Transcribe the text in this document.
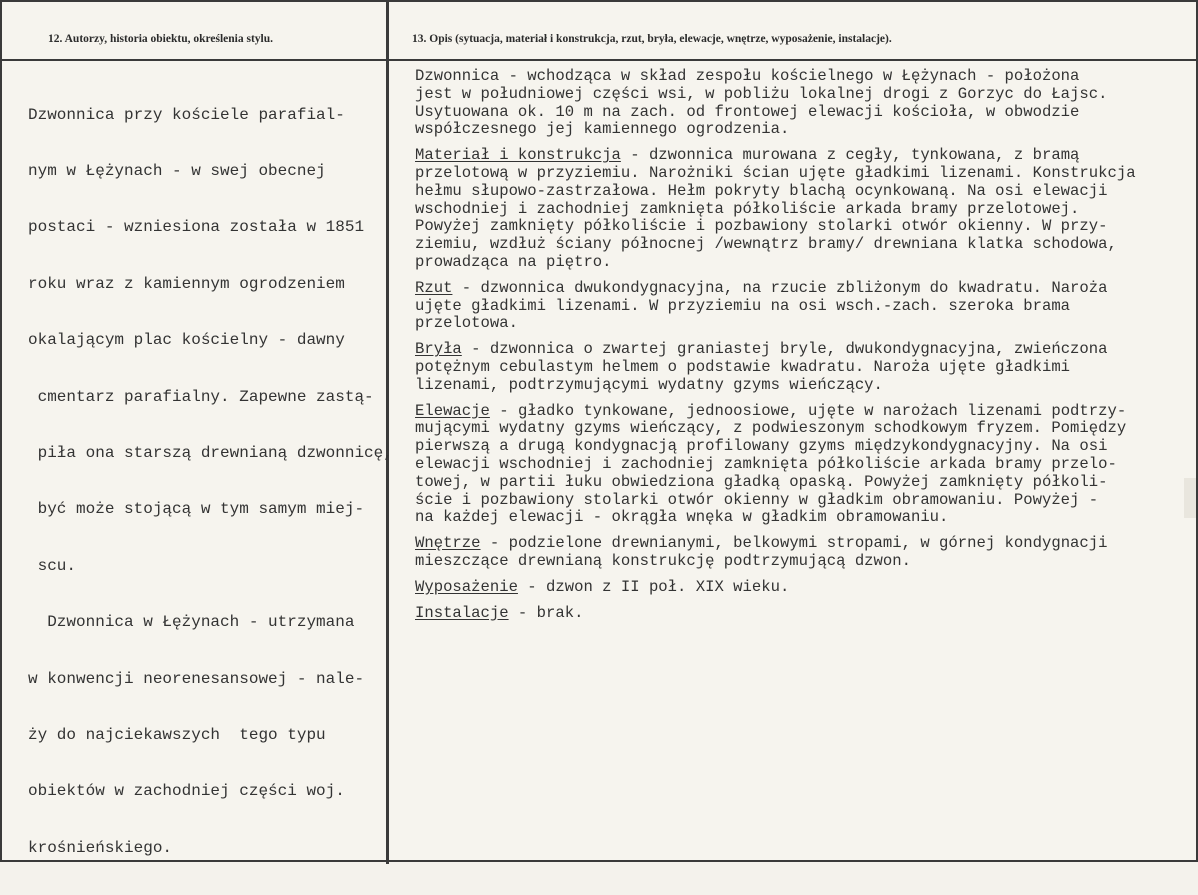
12. Autorzy, historia obiektu, określenia stylu.	13. Opis (sytuacja, materiał i konstrukcja, rzut, bryła, elewacje, wnętrze, wyposażenie, instalacje).

Dzwonnica przy kościele parafial-

nym w Łężynach - w swej obecnej

postaci - wzniesiona została w 1851

roku wraz z kamiennym ogrodzeniem

okalającym plac kościelny - dawny

cmentarz parafialny. Zapewne zastą-

piła ona starszą drewnianą dzwonnicę,

być może stojącą w tym samym miej-

scu.

Dzwonnica w Łężynach - utrzymana

w konwencji neorenesansowej - nale-

ży do najciekawszych  tego typu

obiektów w zachodniej części woj.

krośnieńskiego.

Dzwonnica - wchodząca w skład zespołu kościelnego w Łężynach - położona
jest w południowej części wsi, w pobliżu lokalnej drogi z Gorzyc do Łajsc.
Usytuowana ok. 10 m na zach. od frontowej elewacji kościoła, w obwodzie
współczesnego jej kamiennego ogrodzenia.
Materiał i konstrukcja - dzwonnica murowana z cegły, tynkowana, z bramą
przelotową w przyziemiu. Narożniki ścian ujęte gładkimi lizenami. Konstrukcja
hełmu słupowo-zastrzałowa. Hełm pokryty blachą ocynkowaną. Na osi elewacji
wschodniej i zachodniej zamknięta półkoliście arkada bramy przelotowej.
Powyżej zamknięty półkoliście i pozbawiony stolarki otwór okienny. W przy-
ziemiu, wzdłuż ściany północnej /wewnątrz bramy/ drewniana klatka schodowa,
prowadząca na piętro.
Rzut - dzwonnica dwukondygnacyjna, na rzucie zbliżonym do kwadratu. Naroża
ujęte gładkimi lizenami. W przyziemiu na osi wsch.-zach. szeroka brama
przelotowa.
Bryła - dzwonnica o zwartej graniastej bryle, dwukondygnacyjna, zwieńczona
potężnym cebulastym helmem o podstawie kwadratu. Naroża ujęte gładkimi
lizenami, podtrzymującymi wydatny gzyms wieńczący.
Elewacje - gładko tynkowane, jednoosiowe, ujęte w narożach lizenami podtrzy-
mującymi wydatny gzyms wieńczący, z podwieszonym schodkowym fryzem. Pomiędzy
pierwszą a drugą kondygnacją profilowany gzyms międzykondygnacyjny. Na osi
elewacji wschodniej i zachodniej zamknięta półkoliście arkada bramy przelo-
towej, w partii łuku obwiedziona gładką opaską. Powyżej zamknięty półkoli-
ście i pozbawiony stolarki otwór okienny w gładkim obramowaniu. Powyżej -
na każdej elewacji - okrągła wnęka w gładkim obramowaniu.
Wnętrze - podzielone drewnianymi, belkowymi stropami, w górnej kondygnacji
mieszczące drewnianą konstrukcję podtrzymującą dzwon.
Wyposażenie - dzwon z II poł. XIX wieku.
Instalacje - brak.
